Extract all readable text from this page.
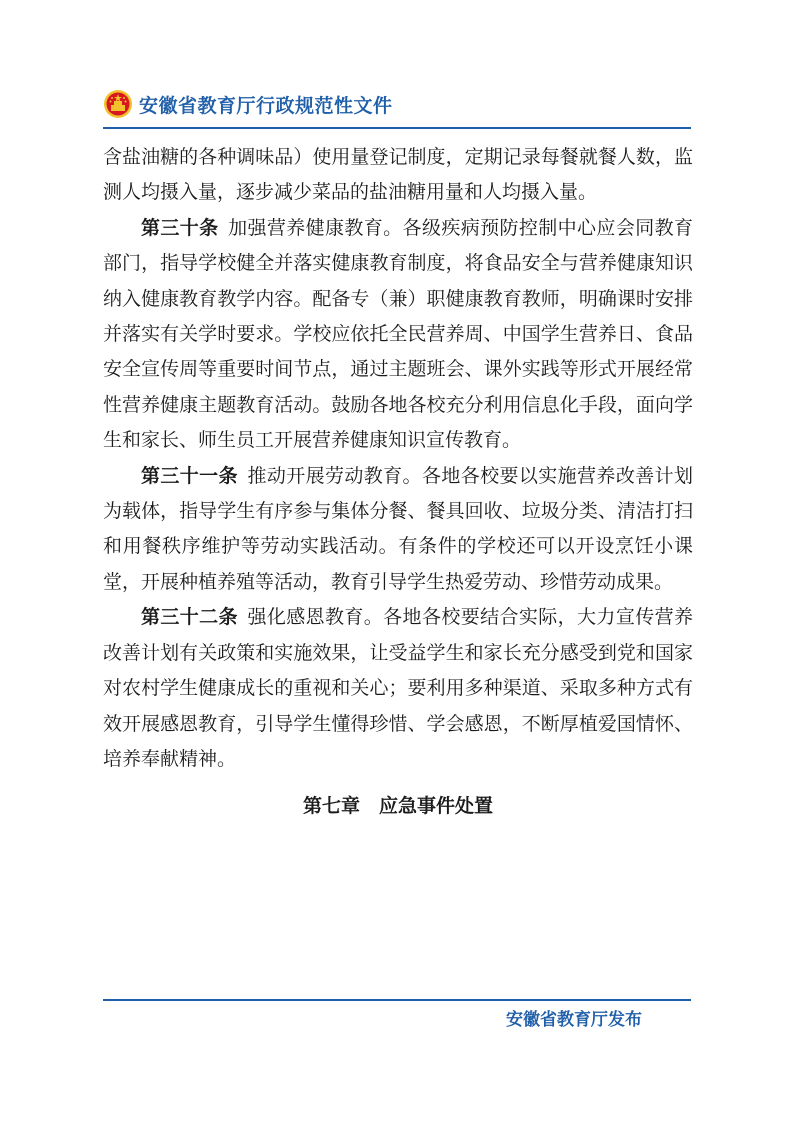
安徽省教育厅行政规范性文件

含盐油糖的各种调味品）使用量登记制度，定期记录每餐就餐人数，监测人均摄入量，逐步减少菜品的盐油糖用量和人均摄入量。

第三十条 加强营养健康教育。各级疾病预防控制中心应会同教育部门，指导学校健全并落实健康教育制度，将食品安全与营养健康知识纳入健康教育教学内容。配备专（兼）职健康教育教师，明确课时安排并落实有关学时要求。学校应依托全民营养周、中国学生营养日、食品安全宣传周等重要时间节点，通过主题班会、课外实践等形式开展经常性营养健康主题教育活动。鼓励各地各校充分利用信息化手段，面向学生和家长、师生员工开展营养健康知识宣传教育。

第三十一条 推动开展劳动教育。各地各校要以实施营养改善计划为载体，指导学生有序参与集体分餐、餐具回收、垃圾分类、清洁打扫和用餐秩序维护等劳动实践活动。有条件的学校还可以开设烹饪小课堂，开展种植养殖等活动，教育引导学生热爱劳动、珍惜劳动成果。

第三十二条 强化感恩教育。各地各校要结合实际，大力宣传营养改善计划有关政策和实施效果，让受益学生和家长充分感受到党和国家对农村学生健康成长的重视和关心；要利用多种渠道、采取多种方式有效开展感恩教育，引导学生懂得珍惜、学会感恩，不断厚植爱国情怀、培养奉献精神。

第七章　应急事件处置
安徽省教育厅发布
